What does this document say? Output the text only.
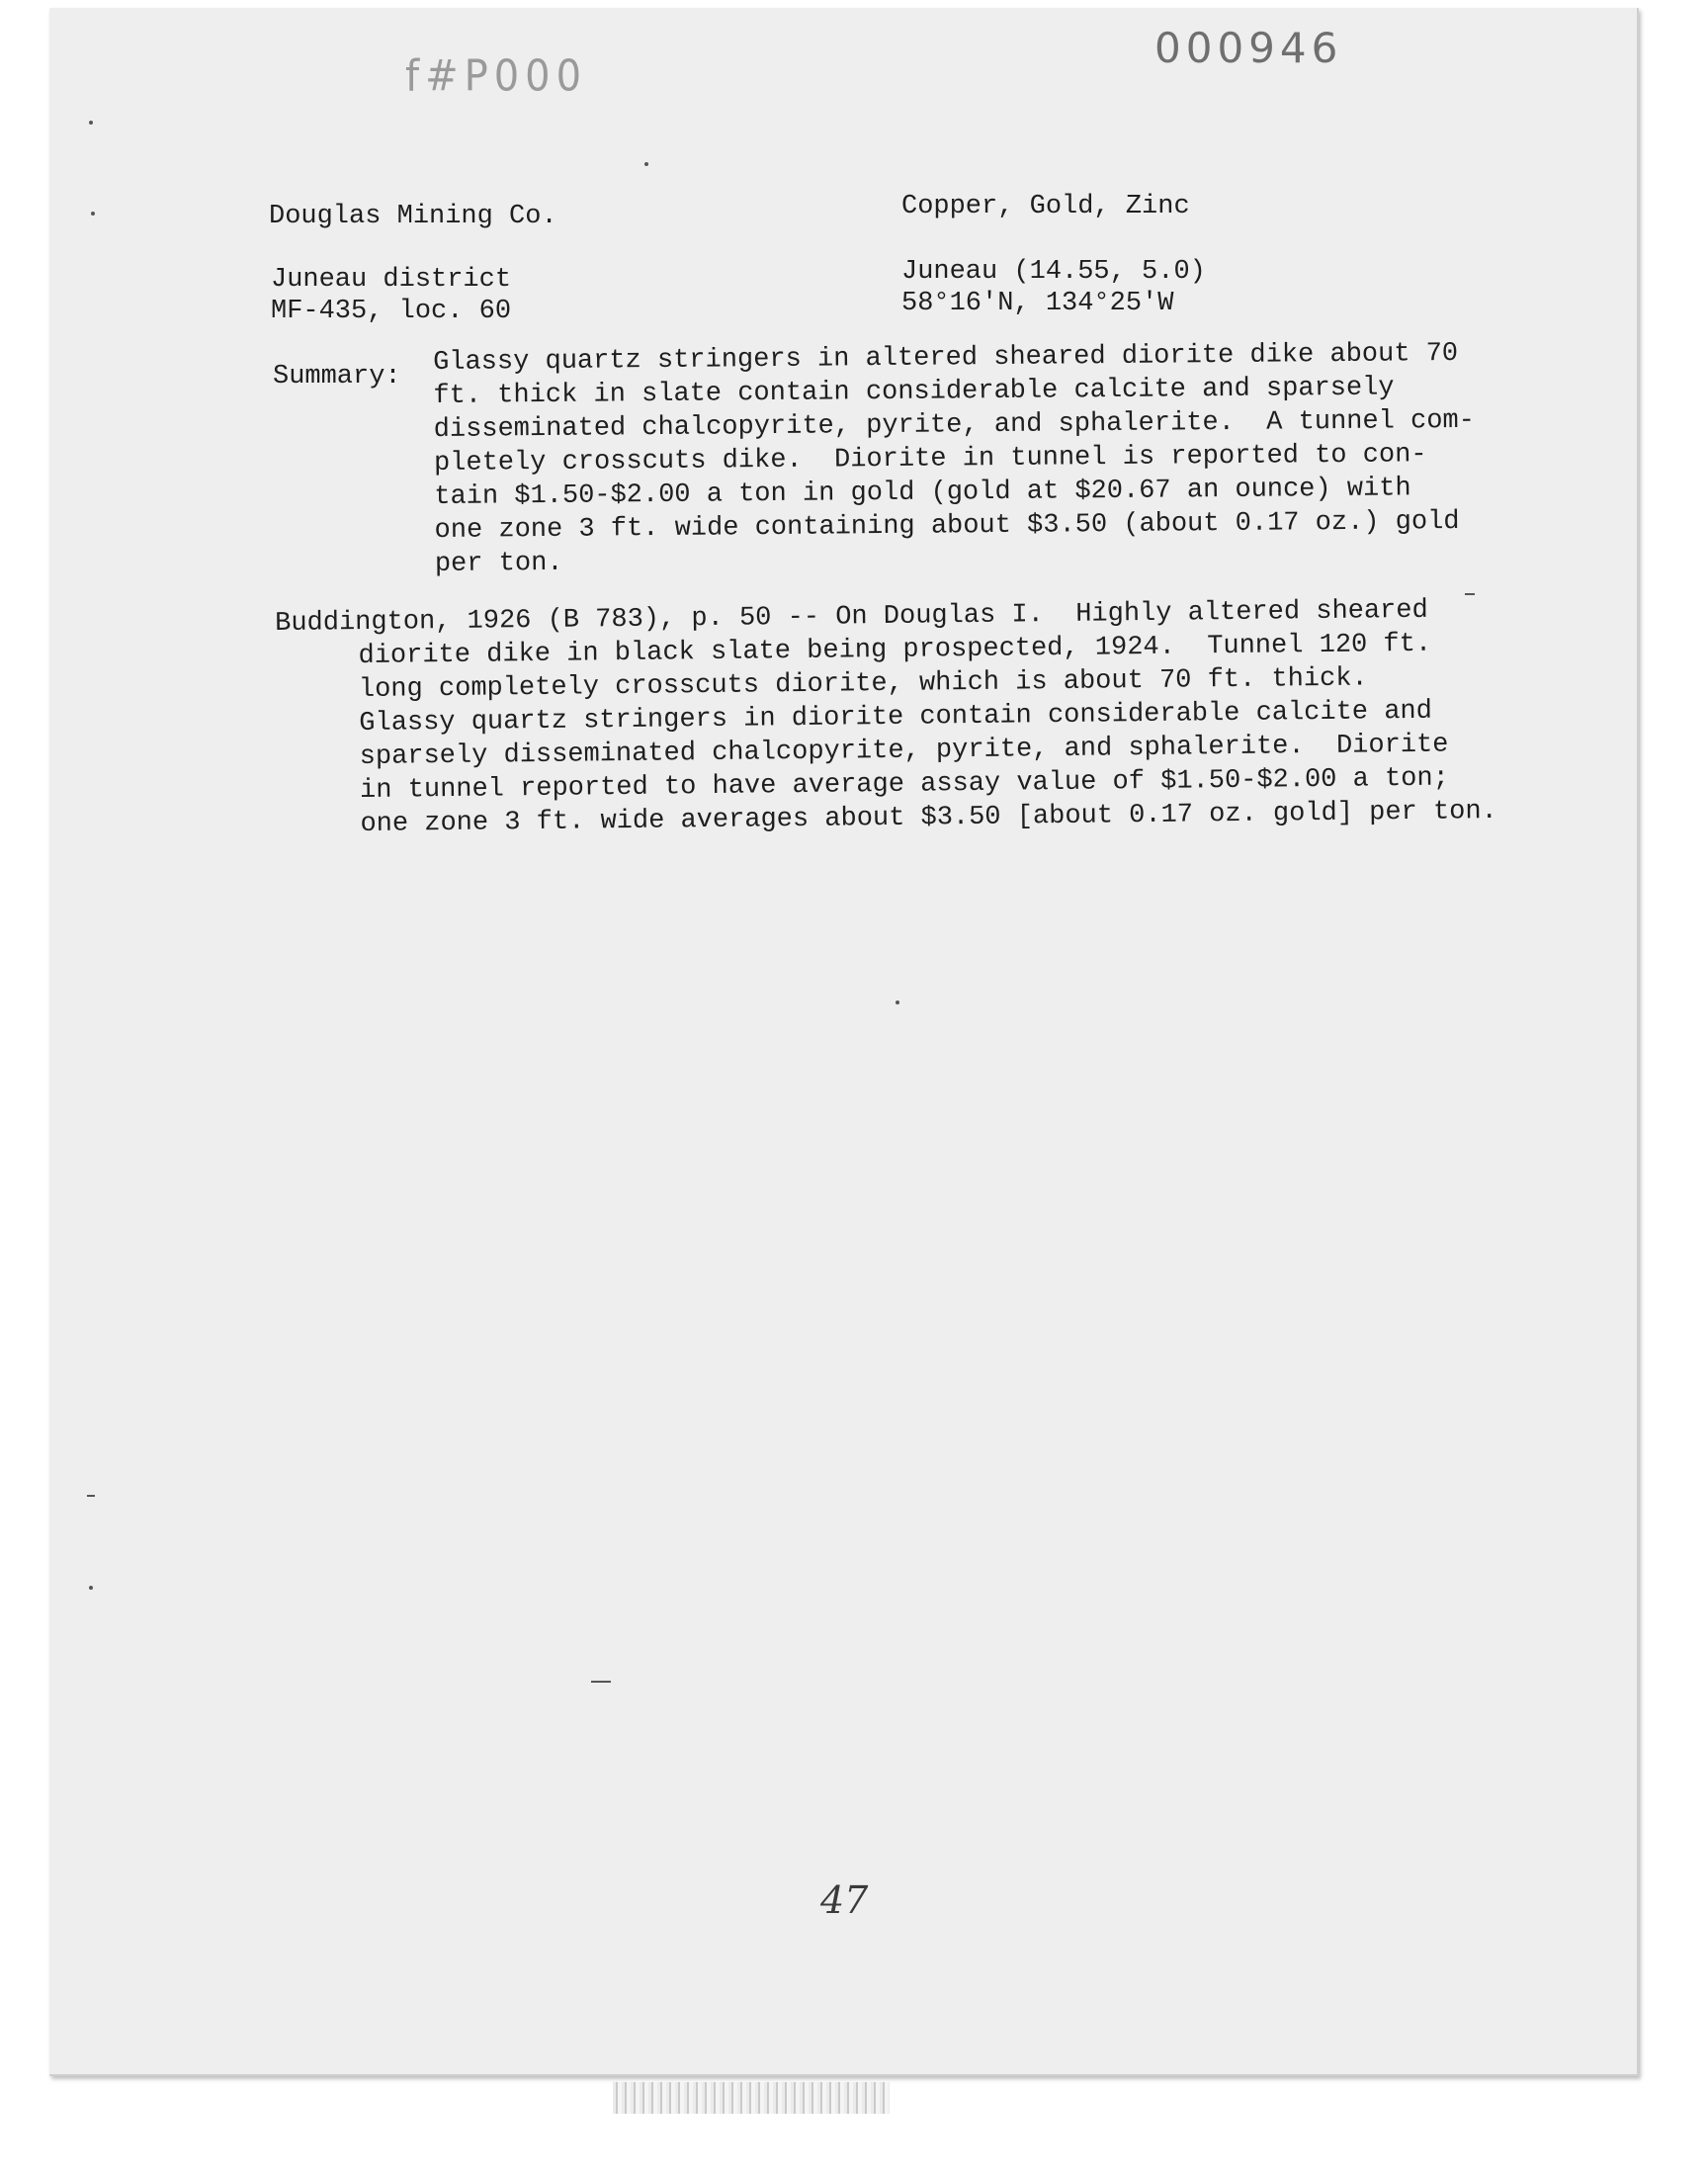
f#P000
000946
Douglas Mining Co.	Copper, Gold, Zinc
Juneau district	Juneau (14.55, 5.0)
MF-435, loc. 60	58°16'N, 134°25'W
Summary: Glassy quartz stringers in altered sheared diorite dike about 70
ft. thick in slate contain considerable calcite and sparsely
disseminated chalcopyrite, pyrite, and sphalerite.  A tunnel com-
pletely crosscuts dike.  Diorite in tunnel is reported to con-
tain $1.50-$2.00 a ton in gold (gold at $20.67 an ounce) with
one zone 3 ft. wide containing about $3.50 (about 0.17 oz.) gold
per ton.
Buddington, 1926 (B 783), p. 50 -- On Douglas I.  Highly altered sheared
diorite dike in black slate being prospected, 1924.  Tunnel 120 ft.
long completely crosscuts diorite, which is about 70 ft. thick.
Glassy quartz stringers in diorite contain considerable calcite and
sparsely disseminated chalcopyrite, pyrite, and sphalerite.  Diorite
in tunnel reported to have average assay value of $1.50-$2.00 a ton;
one zone 3 ft. wide averages about $3.50 [about 0.17 oz. gold] per ton.
47
